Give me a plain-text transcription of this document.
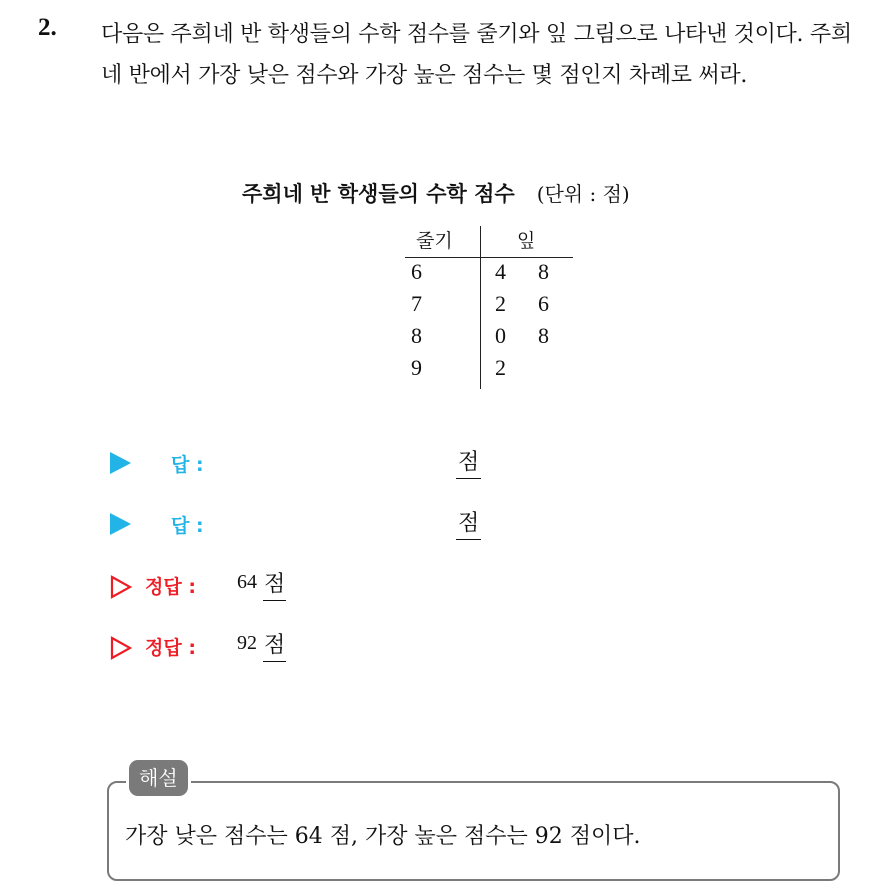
2. 다음은 주희네 반 학생들의 수학 점수를 줄기와 잎 그림으로 나타낸 것이다. 주희네 반에서 가장 낮은 점수와 가장 높은 점수는 몇 점인지 차례로 써라.
주희네 반 학생들의 수학 점수 (단위 : 점)
줄기	잎
6	4 8
7	2 6
8	0 8
9	2
답 :	점
답 :	점
정답 : 64 점
정답 : 92 점
해설
가장 낮은 점수는 64 점, 가장 높은 점수는 92 점이다.
